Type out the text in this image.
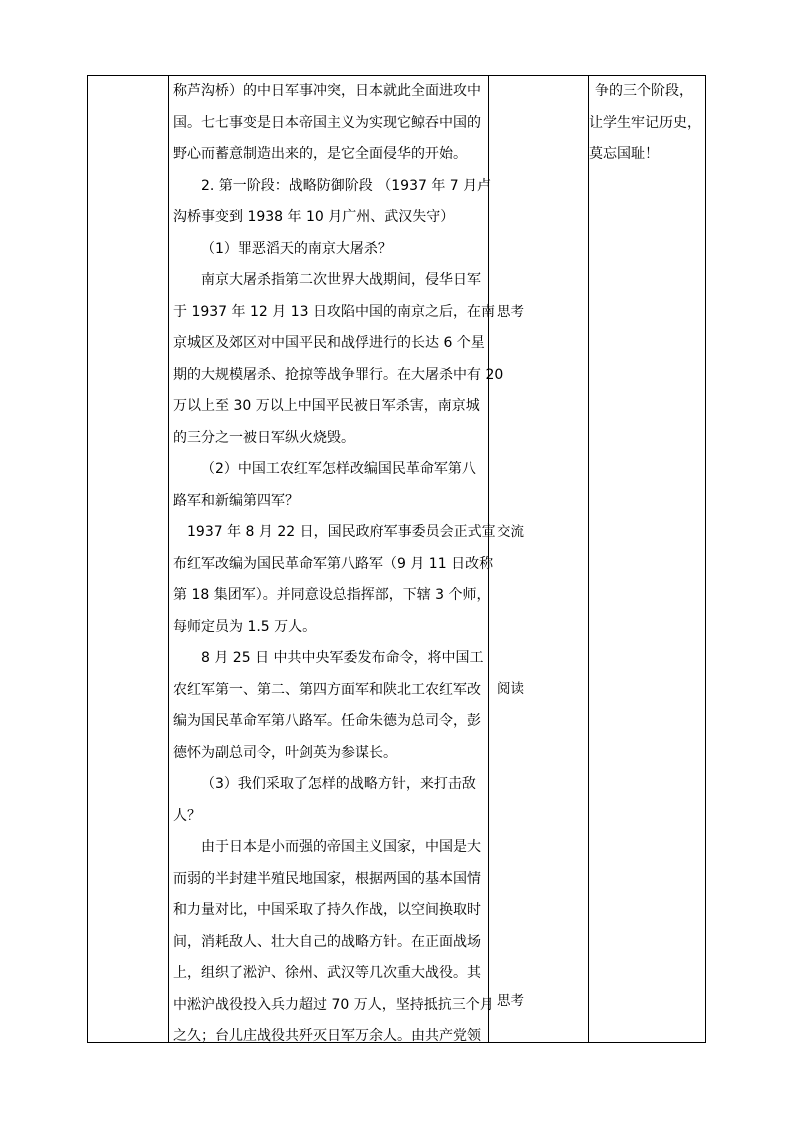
称芦沟桥）的中日军事冲突，日本就此全面进攻中

国。七七事变是日本帝国主义为实现它鲸吞中国的

野心而蓄意制造出来的，是它全面侵华的开始。

2. 第一阶段：战略防御阶段 （1937 年 7 月卢

沟桥事变到 1938 年 10 月广州、武汉失守）

（1）罪恶滔天的南京大屠杀？

南京大屠杀指第二次世界大战期间，侵华日军

于 1937 年 12 月 13 日攻陷中国的南京之后，在南

京城区及郊区对中国平民和战俘进行的长达 6 个星

期的大规模屠杀、抢掠等战争罪行。在大屠杀中有 20

万以上至 30 万以上中国平民被日军杀害，南京城

的三分之一被日军纵火烧毁。

（2）中国工农红军怎样改编国民革命军第八

路军和新编第四军？

1937 年 8 月 22 日，国民政府军事委员会正式宣

布红军改编为国民革命军第八路军（9 月 11 日改称

第 18 集团军）。并同意设总指挥部，下辖 3 个师，

每师定员为 1.5 万人。

8 月 25 日 中共中央军委发布命令，将中国工

农红军第一、第二、第四方面军和陕北工农红军改

编为国民革命军第八路军。任命朱德为总司令，彭

德怀为副总司令，叶剑英为参谋长。

（3）我们采取了怎样的战略方针，来打击敌

人？

由于日本是小而强的帝国主义国家，中国是大

而弱的半封建半殖民地国家，根据两国的基本国情

和力量对比，中国采取了持久作战，以空间换取时

间，消耗敌人、壮大自己的战略方针。在正面战场

上，组织了淞沪、徐州、武汉等几次重大战役。其

中淞沪战役投入兵力超过 70 万人，坚持抵抗三个月

之久；台儿庄战役共歼灭日军万余人。由共产党领

思考
交流
阅读
思考

争的三个阶段，

让学生牢记历史，

莫忘国耻！
